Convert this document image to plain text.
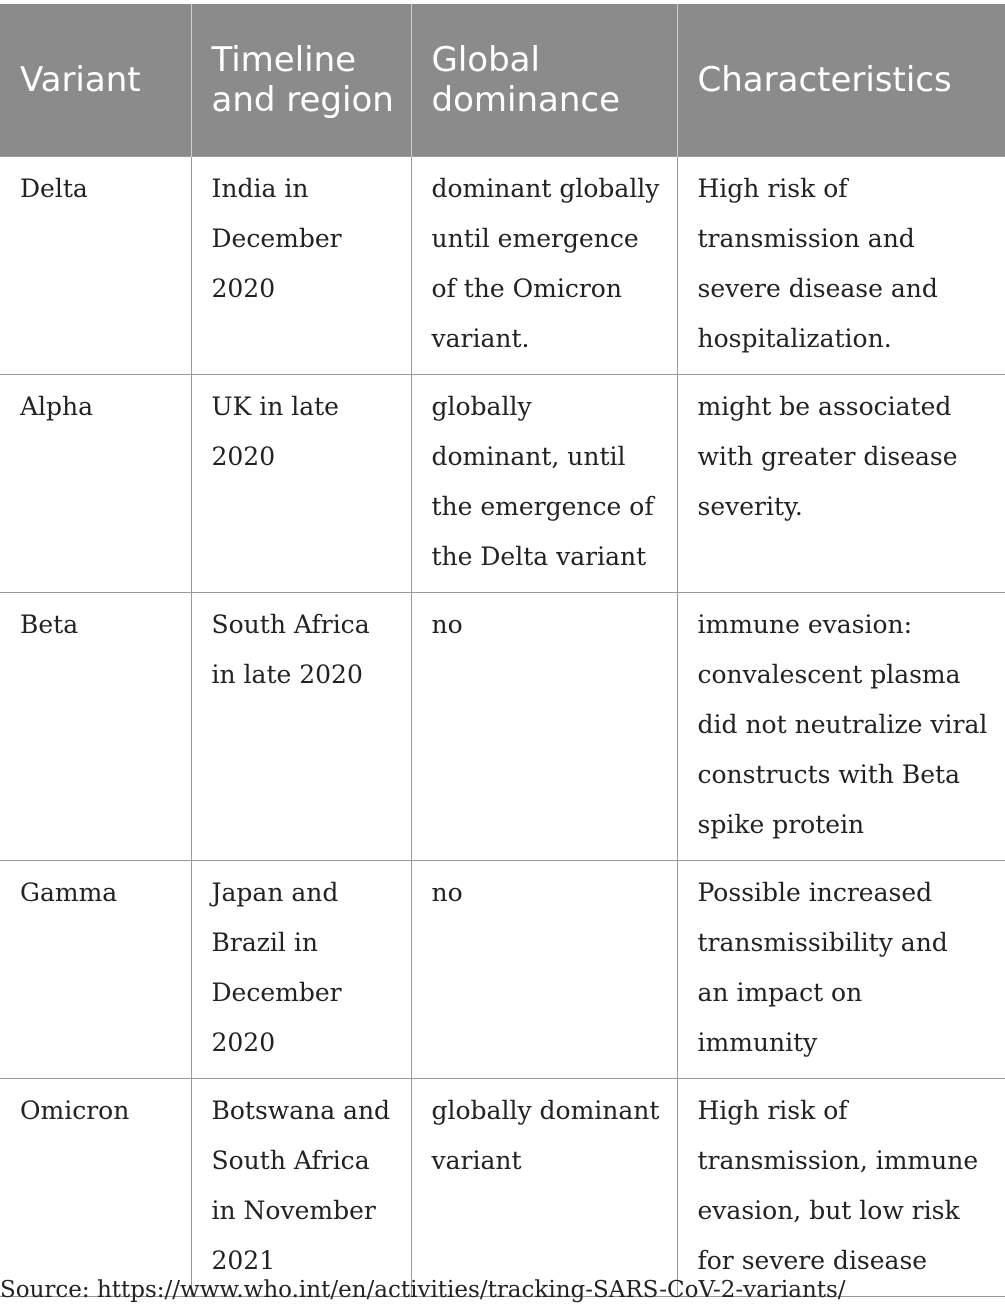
Variant	Timeline and region	Global dominance	Characteristics

Delta	India in December 2020	dominant globally until emergence of the Omicron variant.	High risk of transmission and severe disease and hospitalization.

Alpha	UK in late 2020	globally dominant, until the emergence of the Delta variant	might be associated with greater disease severity.

Beta	South Africa in late 2020	no	immune evasion: convalescent plasma did not neutralize viral constructs with Beta spike protein

Gamma	Japan and Brazil in December 2020	no	Possible increased transmissibility and an impact on immunity

Omicron	Botswana and South Africa in November 2021	globally dominant variant	High risk of transmission, immune evasion, but low risk for severe disease
Source: https://www.who.int/en/activities/tracking-SARS-CoV-2-variants/
